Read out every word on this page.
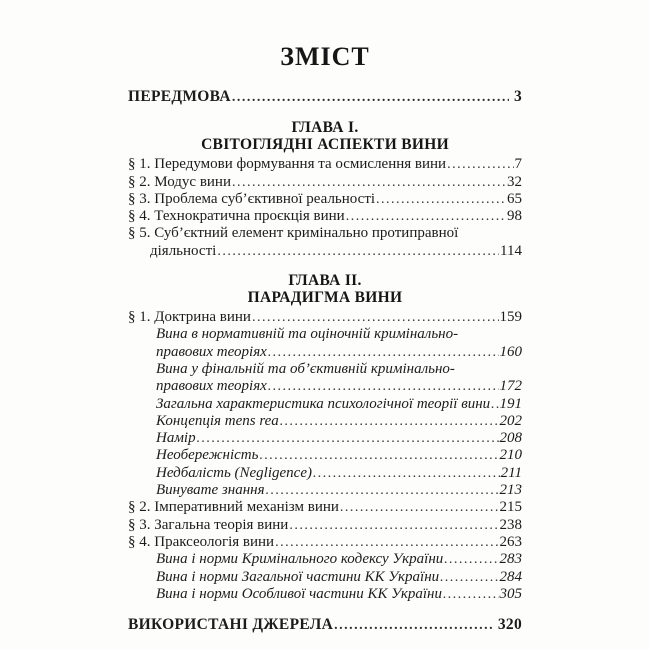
ЗМІСТ
ПЕРЕДМОВА .....	3
ГЛАВА I.
СВІТОГЛЯДНІ АСПЕКТИ ВИНИ
§ 1. Передумови формування та осмислення вини .....	7
§ 2. Модус вини .....	32
§ 3. Проблема суб’єктивної реальності .....	65
§ 4. Технократична проєкція вини .....	98
§ 5. Суб’єктний елемент кримінально протиправної
діяльності .....	114
ГЛАВА II.
ПАРАДИГМА ВИНИ
§ 1. Доктрина вини .....	159
Вина в нормативній та оціночній кримінально-
правових теоріях .....	160
Вина у фінальній та об’єктивній кримінально-
правових теоріях .....	172
Загальна характеристика психологічної теорії вини ..... 191
Концепція mens rea .....	202
Намір .....	208
Необережність .....	210
Недбалість (Negligence) .....	211
Винувате знання .....	213
§ 2. Імперативний механізм вини .....	215
§ 3. Загальна теорія вини .....	238
§ 4. Праксеологія вини .....	263
Вина і норми Кримінального кодексу України .....	283
Вина і норми Загальної частини КК України .....	284
Вина і норми Особливої частини КК України .....	305
ВИКОРИСТАНІ ДЖЕРЕЛА .....	320
